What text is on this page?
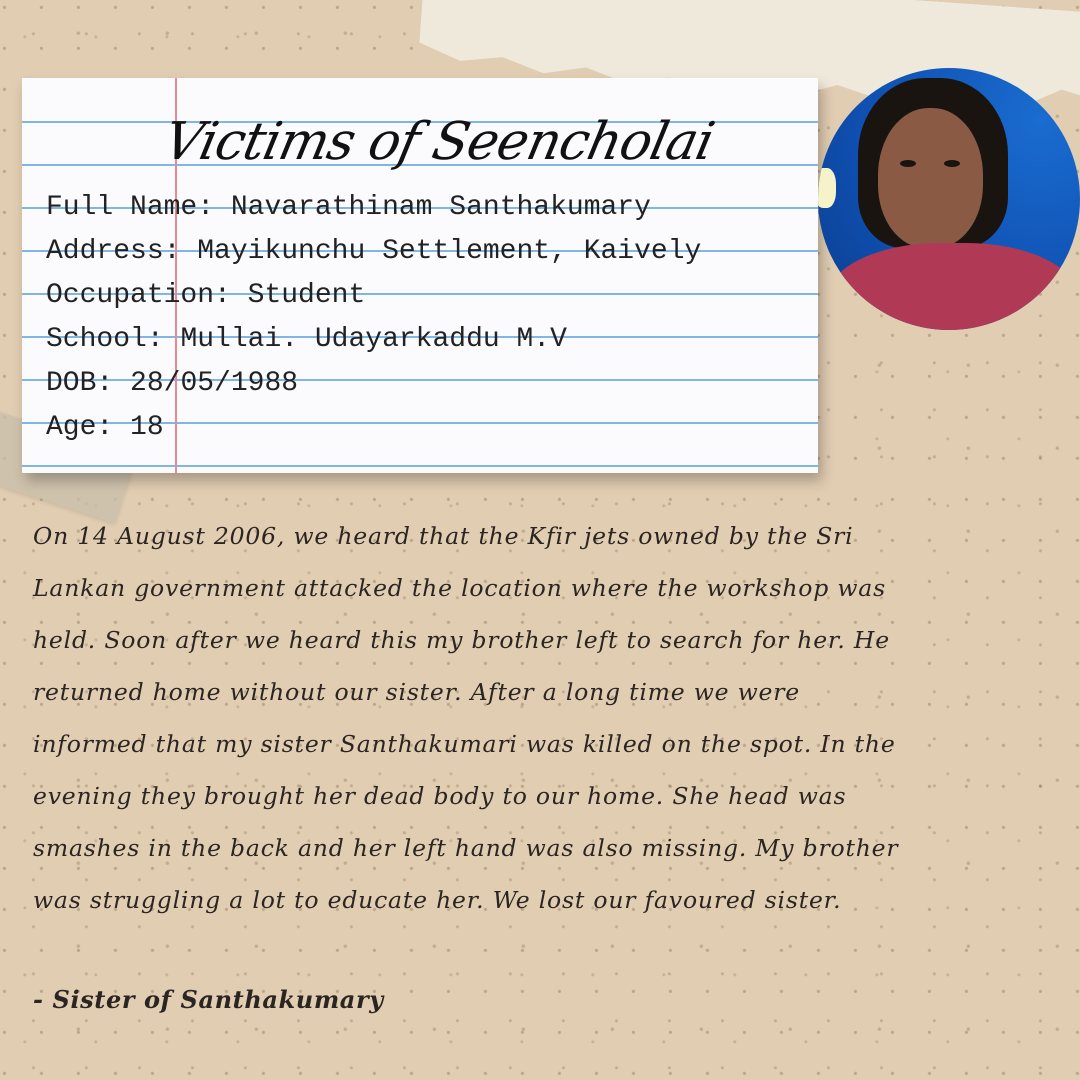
Victims of Seencholai
Full Name: Navarathinam Santhakumary
Address: Mayikunchu Settlement, Kaively
Occupation: Student
School: Mullai. Udayarkaddu M.V
DOB: 28/05/1988
Age: 18

On 14 August 2006, we heard that the Kfir jets owned by the Sri

Lankan government attacked the location where the workshop was

held. Soon after we heard this my brother left to search for her. He

returned home without our sister. After a long time we were

informed that my sister Santhakumari was killed on the spot. In the

evening they brought her dead body to our home. She head was

smashes in the back and her left hand was also missing. My brother

was struggling a lot to educate her. We lost our favoured sister.

- Sister of Santhakumary
